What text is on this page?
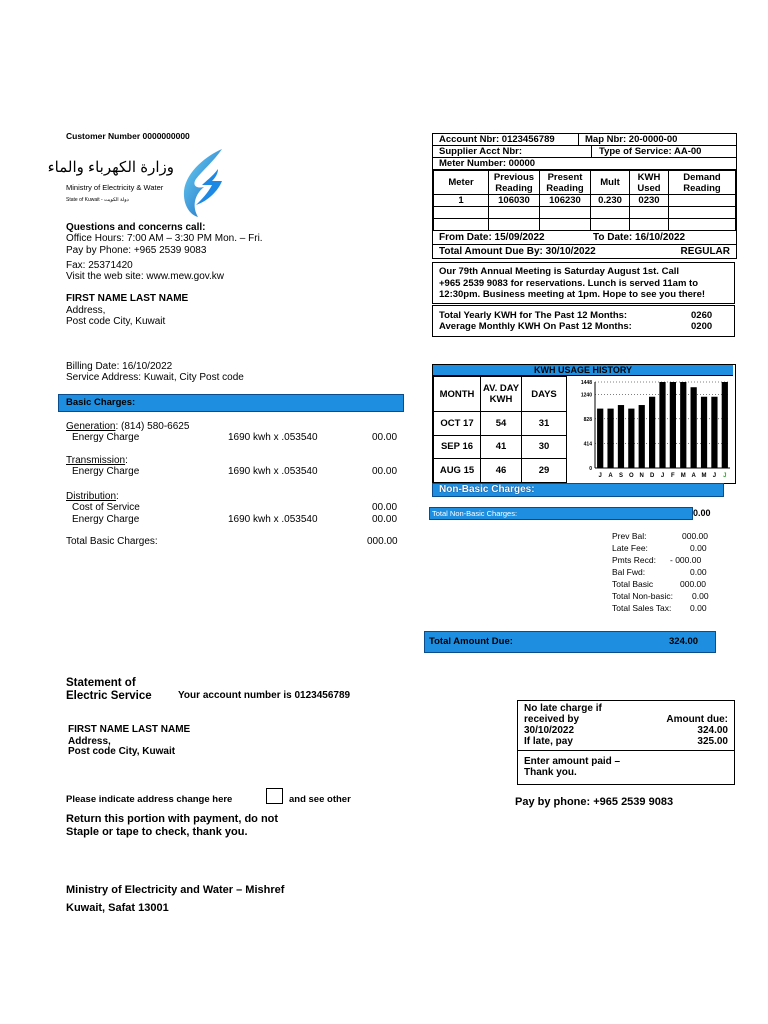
Customer Number 0000000000
وزارة الكهرباء والماء
Ministry of Electricity & Water
State of Kuwait - دولة الكويت
Questions and concerns call:
Office Hours: 7:00 AM – 3:30 PM Mon. – Fri.
Pay by Phone: +965 2539 9083
Fax: 25371420
Visit the web site: www.mew.gov.kw
FIRST NAME LAST NAME
Address,
Post code City, Kuwait
Billing Date: 16/10/2022
Service Address: Kuwait, City Post code
Basic Charges:
Generation: (814) 580-6625
Energy Charge	1690 kwh x .053540	00.00
Transmission:
Energy Charge	1690 kwh x .053540	00.00
Distribution:
Cost of Service	00.00
Energy Charge	1690 kwh x .053540	00.00
Total Basic Charges:	000.00
Account Nbr: 0123456789	Map Nbr: 20-0000-00
Supplier Acct Nbr:	Type of Service: AA-00
Meter Number: 00000
Meter	Previous Reading	Present Reading	Mult	KWH Used	Demand Reading
1	106030	106230	0.230	0230	

From Date: 15/09/2022	To Date: 16/10/2022
Total Amount Due By: 30/10/2022	REGULAR
Our 79th Annual Meeting is Saturday August 1st. Call
+965 2539 9083 for reservations. Lunch is served 11am to
12:30pm. Business meeting at 1pm. Hope to see you there!
Total Yearly KWH for The Past 12 Months:	0260
Average Monthly KWH On Past 12 Months:	0200
KWH USAGE HISTORY
MONTH	AV. DAY KWH	DAYS
OCT 17	54	31
SEP 16	41	30
AUG 15	46	29
1448
1240
828
414
0
J A S O N D J F M A M J J
Non-Basic Charges:
Total Non-Basic Charges:	0.00
Prev Bal:	000.00
Late Fee:	0.00
Pmts Recd: - 000.00
Bal Fwd:	0.00
Total Basic	000.00
Total Non-basic: 0.00
Total Sales Tax: 0.00
Total Amount Due:	324.00
Statement of
Electric Service	Your account number is 0123456789
FIRST NAME LAST NAME
Address,
Post code City, Kuwait
Please indicate address change here	and see other
Return this portion with payment, do not
Staple or tape to check, thank you.
No late charge if
received by	Amount due:
30/10/2022	324.00
If late, pay	325.00
Enter amount paid –
Thank you.
Pay by phone: +965 2539 9083
Ministry of Electricity and Water – Mishref
Kuwait, Safat 13001
